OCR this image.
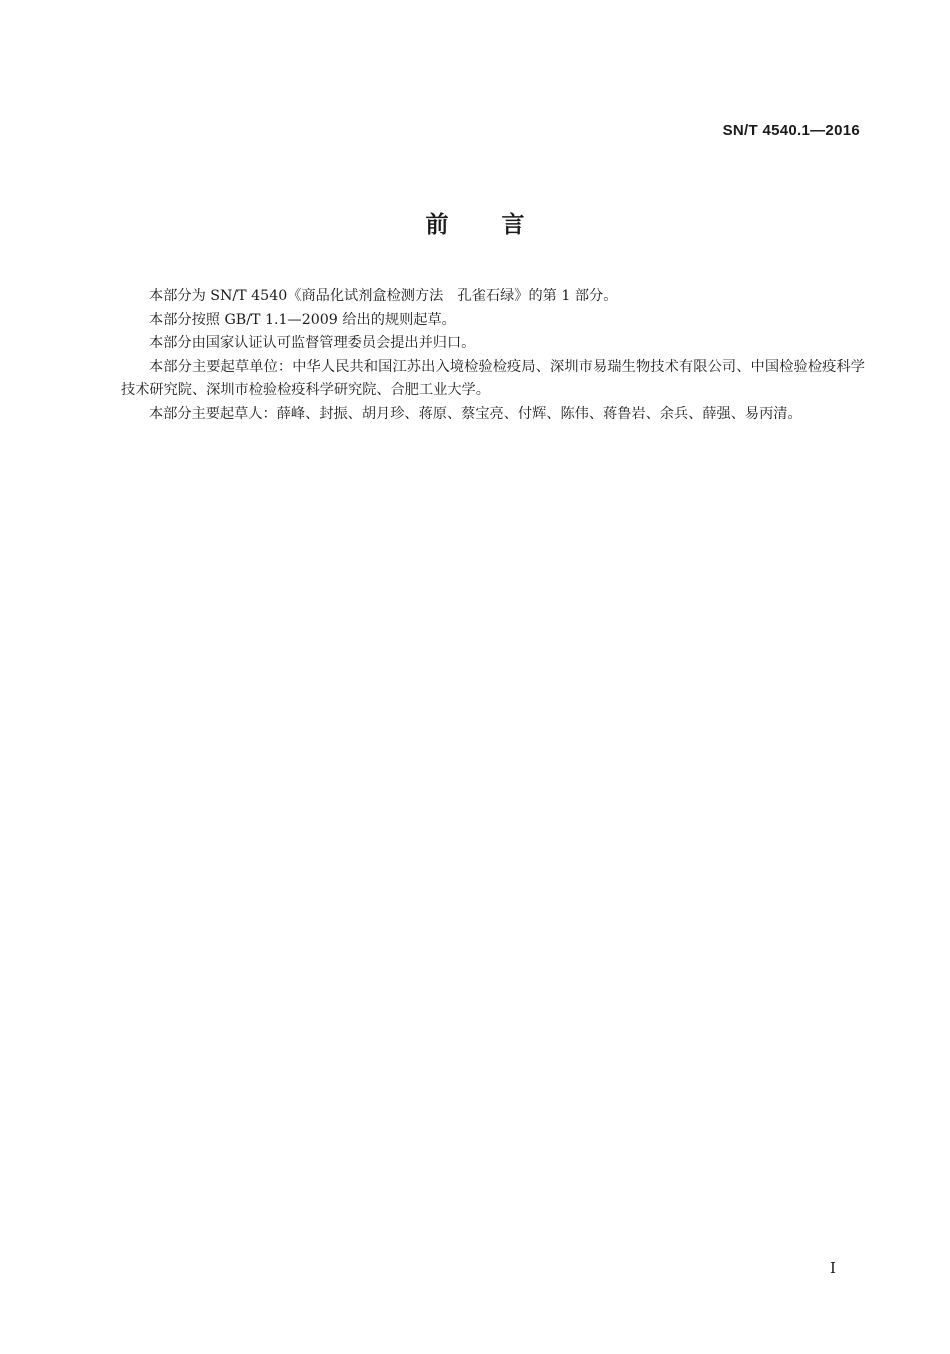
SN/T 4540.1—2016
前言

本部分为 SN/T 4540《商品化试剂盒检测方法　孔雀石绿》的第 1 部分。

本部分按照 GB/T 1.1—2009 给出的规则起草。

本部分由国家认证认可监督管理委员会提出并归口。

本部分主要起草单位：中华人民共和国江苏出入境检验检疫局、深圳市易瑞生物技术有限公司、中国检验检疫科学技术研究院、深圳市检验检疫科学研究院、合肥工业大学。

本部分主要起草人：薛峰、封振、胡月珍、蒋原、蔡宝亮、付辉、陈伟、蒋鲁岩、余兵、薛强、易丙清。

I
